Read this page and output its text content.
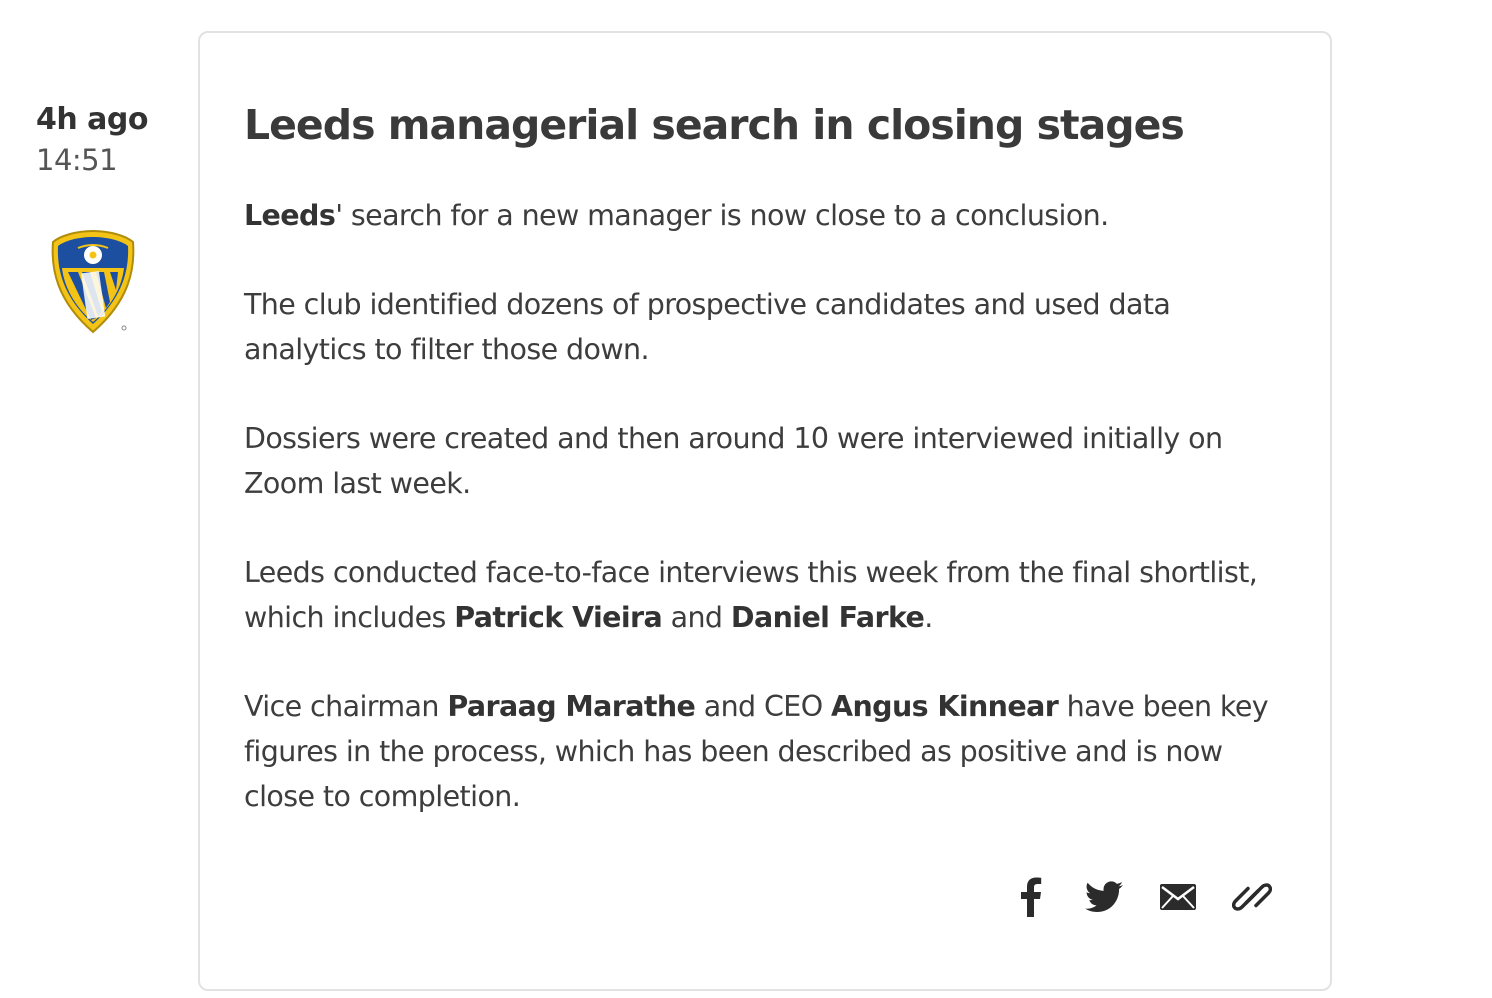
4h ago
14:51
Leeds managerial search in closing stages

Leeds' search for a new manager is now close to a conclusion.

The club identified dozens of prospective candidates and used data analytics to filter those down.

Dossiers were created and then around 10 were interviewed initially on Zoom last week.

Leeds conducted face-to-face interviews this week from the final shortlist, which includes Patrick Vieira and Daniel Farke.

Vice chairman Paraag Marathe and CEO Angus Kinnear have been key figures in the process, which has been described as positive and is now close to completion.
